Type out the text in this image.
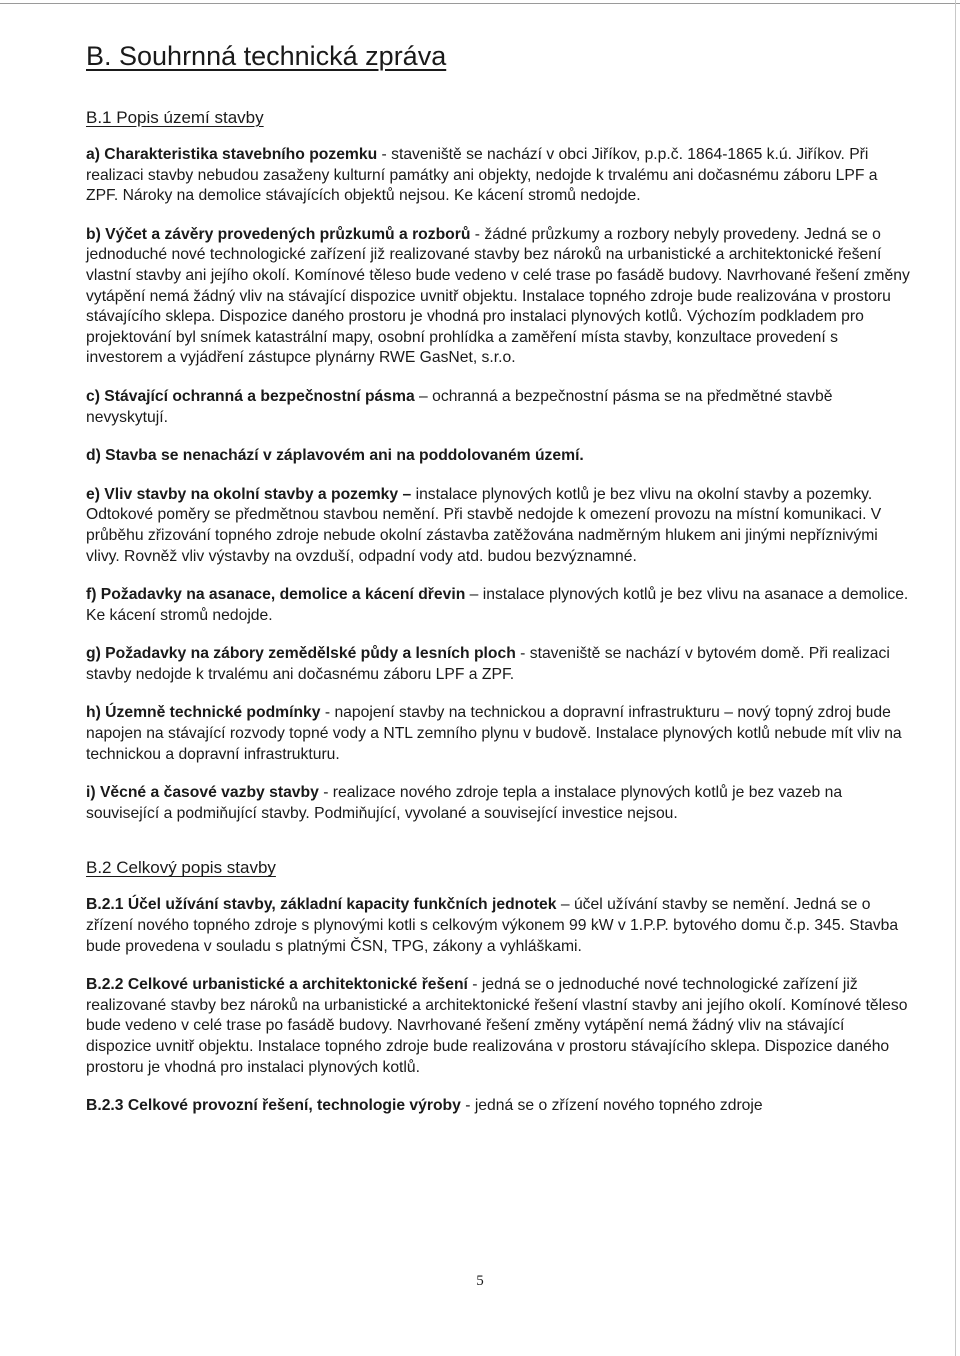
B. Souhrnná technická zpráva
B.1 Popis území stavby

a) Charakteristika stavebního pozemku - staveniště se nachází v obci Jiříkov, p.p.č. 1864-1865 k.ú. Jiříkov. Při realizaci stavby nebudou zasaženy kulturní památky ani objekty, nedojde k trvalému ani dočasnému záboru LPF a ZPF. Nároky na demolice stávajících objektů nejsou. Ke kácení stromů nedojde.

b) Výčet a závěry provedených průzkumů a rozborů - žádné průzkumy a rozbory nebyly provedeny. Jedná se o jednoduché nové technologické zařízení již realizované stavby bez nároků na urbanistické a architektonické řešení vlastní stavby ani jejího okolí. Komínové těleso bude vedeno v celé trase po fasádě budovy. Navrhované řešení změny vytápění nemá žádný vliv na stávající dispozice uvnitř objektu. Instalace topného zdroje bude realizována v prostoru stávajícího sklepa. Dispozice daného prostoru je vhodná pro instalaci plynových kotlů. Výchozím podkladem pro projektování byl snímek katastrální mapy, osobní prohlídka a zaměření místa stavby, konzultace provedení s investorem a vyjádření zástupce plynárny RWE GasNet, s.r.o.

c) Stávající ochranná a bezpečnostní pásma – ochranná a bezpečnostní pásma se na předmětné stavbě nevyskytují.

d) Stavba se nenachází v záplavovém ani na poddolovaném území.

e) Vliv stavby na okolní stavby a pozemky – instalace plynových kotlů je bez vlivu na okolní stavby a pozemky. Odtokové poměry se předmětnou stavbou nemění. Při stavbě nedojde k omezení provozu na místní komunikaci. V průběhu zřizování topného zdroje nebude okolní zástavba zatěžována nadměrným hlukem ani jinými nepříznivými vlivy. Rovněž vliv výstavby na ovzduší, odpadní vody atd. budou bezvýznamné.

f) Požadavky na asanace, demolice a kácení dřevin – instalace plynových kotlů je bez vlivu na asanace a demolice. Ke kácení stromů nedojde.

g) Požadavky na zábory zemědělské půdy a lesních ploch - staveniště se nachází v bytovém domě. Při realizaci stavby nedojde k trvalému ani dočasnému záboru LPF a ZPF.

h) Územně technické podmínky - napojení stavby na technickou a dopravní infrastrukturu – nový topný zdroj bude napojen na stávající rozvody topné vody a NTL zemního plynu v budově. Instalace plynových kotlů nebude mít vliv na technickou a dopravní infrastrukturu.

i) Věcné a časové vazby stavby - realizace nového zdroje tepla a instalace plynových kotlů je bez vazeb na související a podmiňující stavby. Podmiňující, vyvolané a související investice nejsou.

B.2 Celkový popis stavby

B.2.1 Účel užívání stavby, základní kapacity funkčních jednotek – účel užívání stavby se nemění. Jedná se o zřízení nového topného zdroje s plynovými kotli s celkovým výkonem 99 kW v 1.P.P. bytového domu č.p. 345. Stavba bude provedena v souladu s platnými ČSN, TPG, zákony a vyhláškami.

B.2.2 Celkové urbanistické a architektonické řešení - jedná se o jednoduché nové technologické zařízení již realizované stavby bez nároků na urbanistické a architektonické řešení vlastní stavby ani jejího okolí. Komínové těleso bude vedeno v celé trase po fasádě budovy. Navrhované řešení změny vytápění nemá žádný vliv na stávající dispozice uvnitř objektu. Instalace topného zdroje bude realizována v prostoru stávajícího sklepa. Dispozice daného prostoru je vhodná pro instalaci plynových kotlů.

B.2.3 Celkové provozní řešení, technologie výroby - jedná se o zřízení nového topného zdroje

5
